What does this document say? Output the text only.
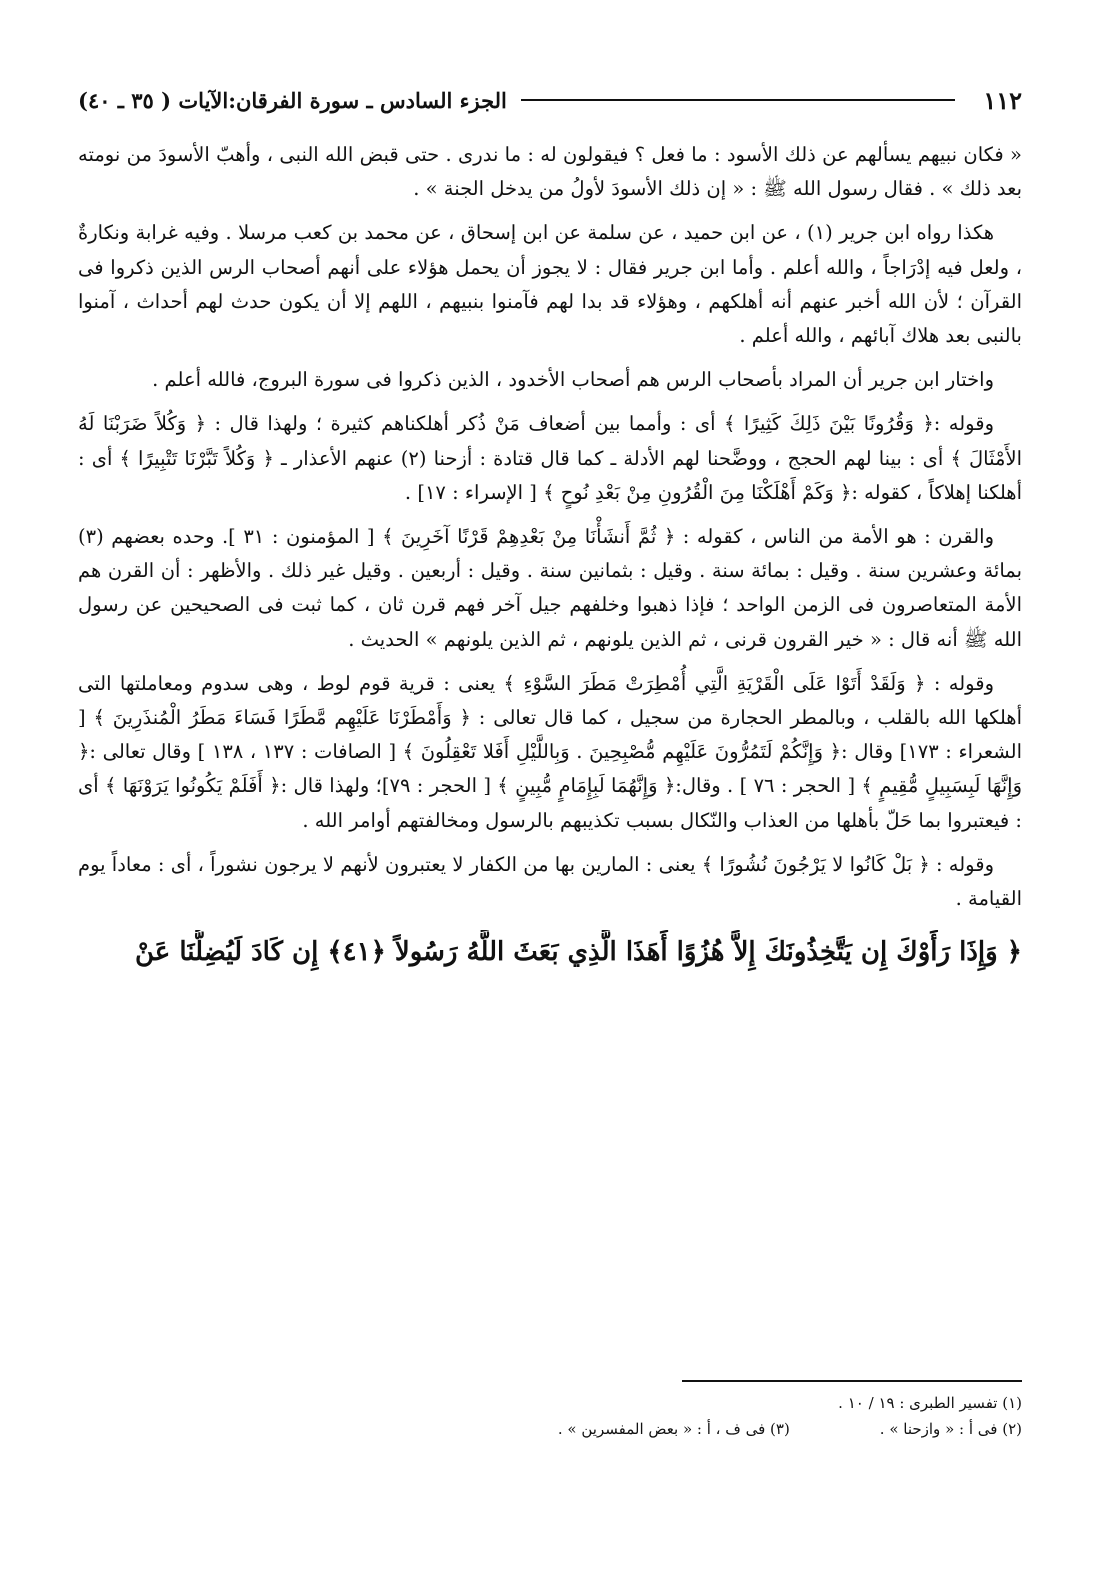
١١٢
الجزء السادس ـ سورة الفرقان:الآيات ( ٣٥ ـ ٤٠)

« فكان نبيهم يسألهم عن ذلك الأسود : ما فعل ؟ فيقولون له : ما ندرى . حتى قبض الله النبى ، وأهبّ الأسودَ من نومته بعد ذلك » . فقال رسول الله ﷺ : « إن ذلك الأسودَ لأولُ من يدخل الجنة » .

هكذا رواه ابن جرير (١) ، عن ابن حميد ، عن سلمة عن ابن إسحاق ، عن محمد بن كعب مرسلا . وفيه غرابة ونكارةٌ ، ولعل فيه إدْرَاجاً ، والله أعلم . وأما ابن جرير فقال : لا يجوز أن يحمل هؤلاء على أنهم أصحاب الرس الذين ذكروا فى القرآن ؛ لأن الله أخبر عنهم أنه أهلكهم ، وهؤلاء قد بدا لهم فآمنوا بنبيهم ، اللهم إلا أن يكون حدث لهم أحداث ، آمنوا بالنبى بعد هلاك آبائهم ، والله أعلم .

واختار ابن جرير أن المراد بأصحاب الرس هم أصحاب الأخدود ، الذين ذكروا فى سورة البروج، فالله أعلم .

وقوله :﴿ وَقُرُونًا بَيْنَ ذَلِكَ كَثِيرًا ﴾ أى : وأمما بين أضعاف مَنْ ذُكر أهلكناهم كثيرة ؛ ولهذا قال : ﴿ وَكُلاً ضَرَبْنَا لَهُ الأَمْثَالَ ﴾ أى : بينا لهم الحجج ، ووضَّحنا لهم الأدلة ـ كما قال قتادة : أزحنا (٢) عنهم الأعذار ـ ﴿ وَكُلاً تَبَّرْنَا تَتْبِيرًا ﴾ أى : أهلكنا إهلاكاً ، كقوله :﴿ وَكَمْ أَهْلَكْنَا مِنَ الْقُرُونِ مِنْ بَعْدِ نُوحٍ ﴾ [ الإسراء : ١٧] .

والقرن : هو الأمة من الناس ، كقوله : ﴿ ثُمَّ أَنشَأْنَا مِنْ بَعْدِهِمْ قَرْنًا آخَرِينَ ﴾ [ المؤمنون : ٣١ ]. وحده بعضهم (٣) بمائة وعشرين سنة . وقيل : بمائة سنة . وقيل : بثمانين سنة . وقيل : أربعين . وقيل غير ذلك . والأظهر : أن القرن هم الأمة المتعاصرون فى الزمن الواحد ؛ فإذا ذهبوا وخلفهم جيل آخر فهم قرن ثان ، كما ثبت فى الصحيحين عن رسول الله ﷺ أنه قال : « خير القرون قرنى ، ثم الذين يلونهم ، ثم الذين يلونهم » الحديث .

وقوله : ﴿ وَلَقَدْ أَتَوْا عَلَى الْقَرْيَةِ الَّتِي أُمْطِرَتْ مَطَرَ السَّوْءِ ﴾ يعنى : قرية قوم لوط ، وهى سدوم ومعاملتها التى أهلكها الله بالقلب ، وبالمطر الحجارة من سجيل ، كما قال تعالى : ﴿ وَأَمْطَرْنَا عَلَيْهِم مَّطَرًا فَسَاءَ مَطَرُ الْمُنذَرِينَ ﴾ [ الشعراء : ١٧٣] وقال :﴿ وَإِنَّكُمْ لَتَمُرُّونَ عَلَيْهِم مُّصْبِحِينَ . وَبِاللَّيْلِ أَفَلا تَعْقِلُونَ ﴾ [ الصافات : ١٣٧ ، ١٣٨ ] وقال تعالى :﴿ وَإِنَّهَا لَبِسَبِيلٍ مُّقِيمٍ ﴾ [ الحجر : ٧٦ ] . وقال:﴿ وَإِنَّهُمَا لَبِإِمَامٍ مُّبِينٍ ﴾ [ الحجر : ٧٩]؛ ولهذا قال :﴿ أَفَلَمْ يَكُونُوا يَرَوْنَهَا ﴾ أى : فيعتبروا بما حَلّ بأهلها من العذاب والنّكال بسبب تكذيبهم بالرسول ومخالفتهم أوامر الله .

وقوله : ﴿ بَلْ كَانُوا لا يَرْجُونَ نُشُورًا ﴾ يعنى : المارين بها من الكفار لا يعتبرون لأنهم لا يرجون نشوراً ، أى : معاداً يوم القيامة .

﴿ وَإِذَا رَأَوْكَ إِن يَتَّخِذُونَكَ إِلاَّ هُزُوًا أَهَذَا الَّذِي بَعَثَ اللَّهُ رَسُولاً ﴿٤١﴾ إِن كَادَ لَيُضِلُّنَا عَنْ

(١) تفسير الطبرى : ١٩ / ١٠ .
(٢) فى أ : « وازحنا » .
(٣) فى ف ، أ : « بعض المفسرين » .
